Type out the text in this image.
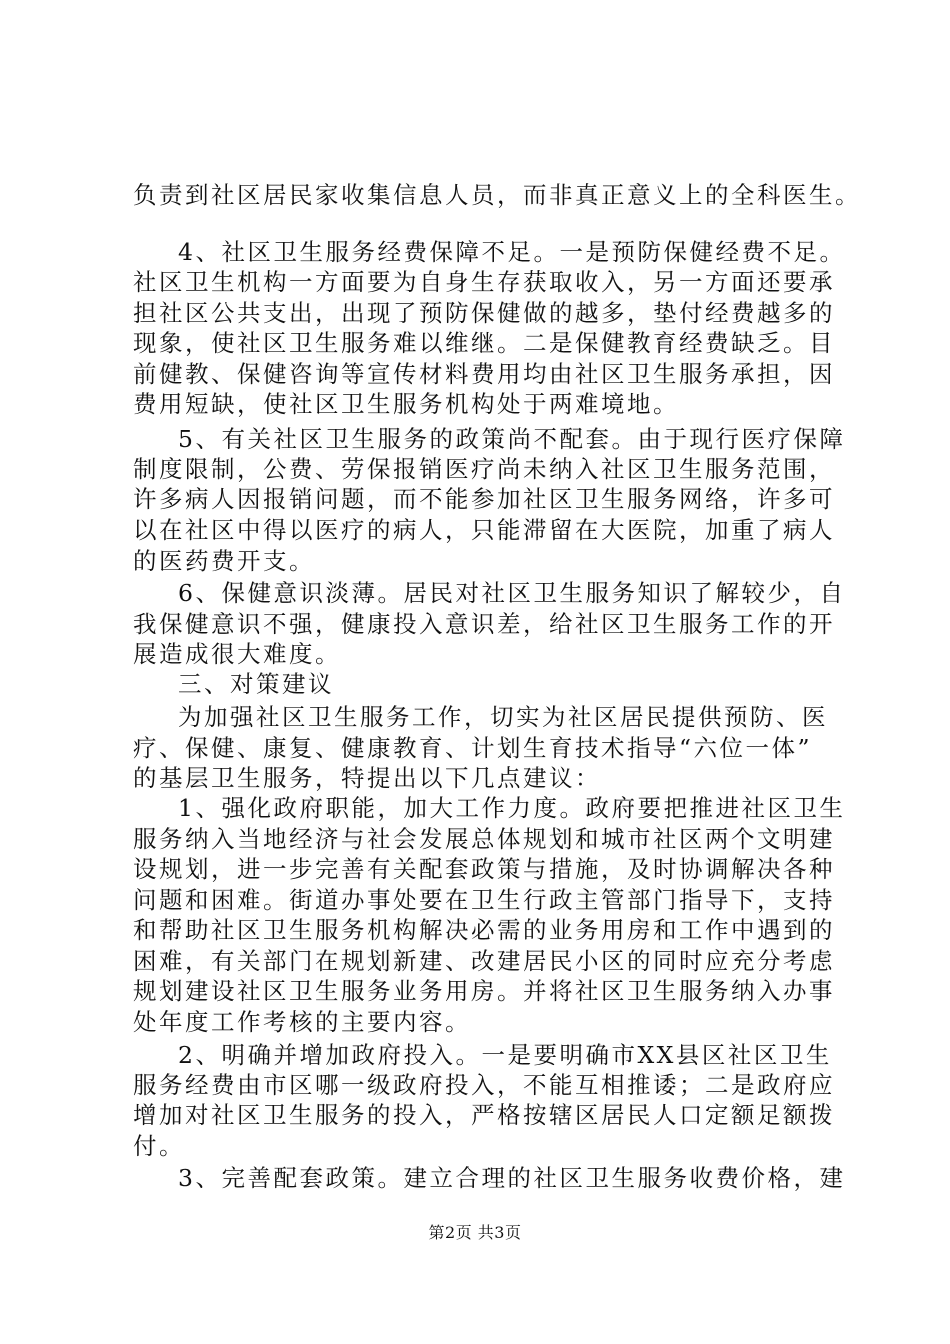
负责到社区居民家收集信息人员，而非真正意义上的全科医生。
4、社区卫生服务经费保障不足。一是预防保健经费不足。
社区卫生机构一方面要为自身生存获取收入，另一方面还要承
担社区公共支出，出现了预防保健做的越多，垫付经费越多的
现象，使社区卫生服务难以维继。二是保健教育经费缺乏。目
前健教、保健咨询等宣传材料费用均由社区卫生服务承担，因
费用短缺，使社区卫生服务机构处于两难境地。
5、有关社区卫生服务的政策尚不配套。由于现行医疗保障
制度限制，公费、劳保报销医疗尚未纳入社区卫生服务范围，
许多病人因报销问题，而不能参加社区卫生服务网络，许多可
以在社区中得以医疗的病人，只能滞留在大医院，加重了病人
的医药费开支。
6、保健意识淡薄。居民对社区卫生服务知识了解较少，自
我保健意识不强，健康投入意识差，给社区卫生服务工作的开
展造成很大难度。
三、对策建议
为加强社区卫生服务工作，切实为社区居民提供预防、医
疗、保健、康复、健康教育、计划生育技术指导“六位一体”
的基层卫生服务，特提出以下几点建议：
1、强化政府职能，加大工作力度。政府要把推进社区卫生
服务纳入当地经济与社会发展总体规划和城市社区两个文明建
设规划，进一步完善有关配套政策与措施，及时协调解决各种
问题和困难。街道办事处要在卫生行政主管部门指导下，支持
和帮助社区卫生服务机构解决必需的业务用房和工作中遇到的
困难，有关部门在规划新建、改建居民小区的同时应充分考虑
规划建设社区卫生服务业务用房。并将社区卫生服务纳入办事
处年度工作考核的主要内容。
2、明确并增加政府投入。一是要明确市XX县区社区卫生
服务经费由市区哪一级政府投入，不能互相推诿；二是政府应
增加对社区卫生服务的投入，严格按辖区居民人口定额足额拨
付。
3、完善配套政策。建立合理的社区卫生服务收费价格，建
第2页 共3页
